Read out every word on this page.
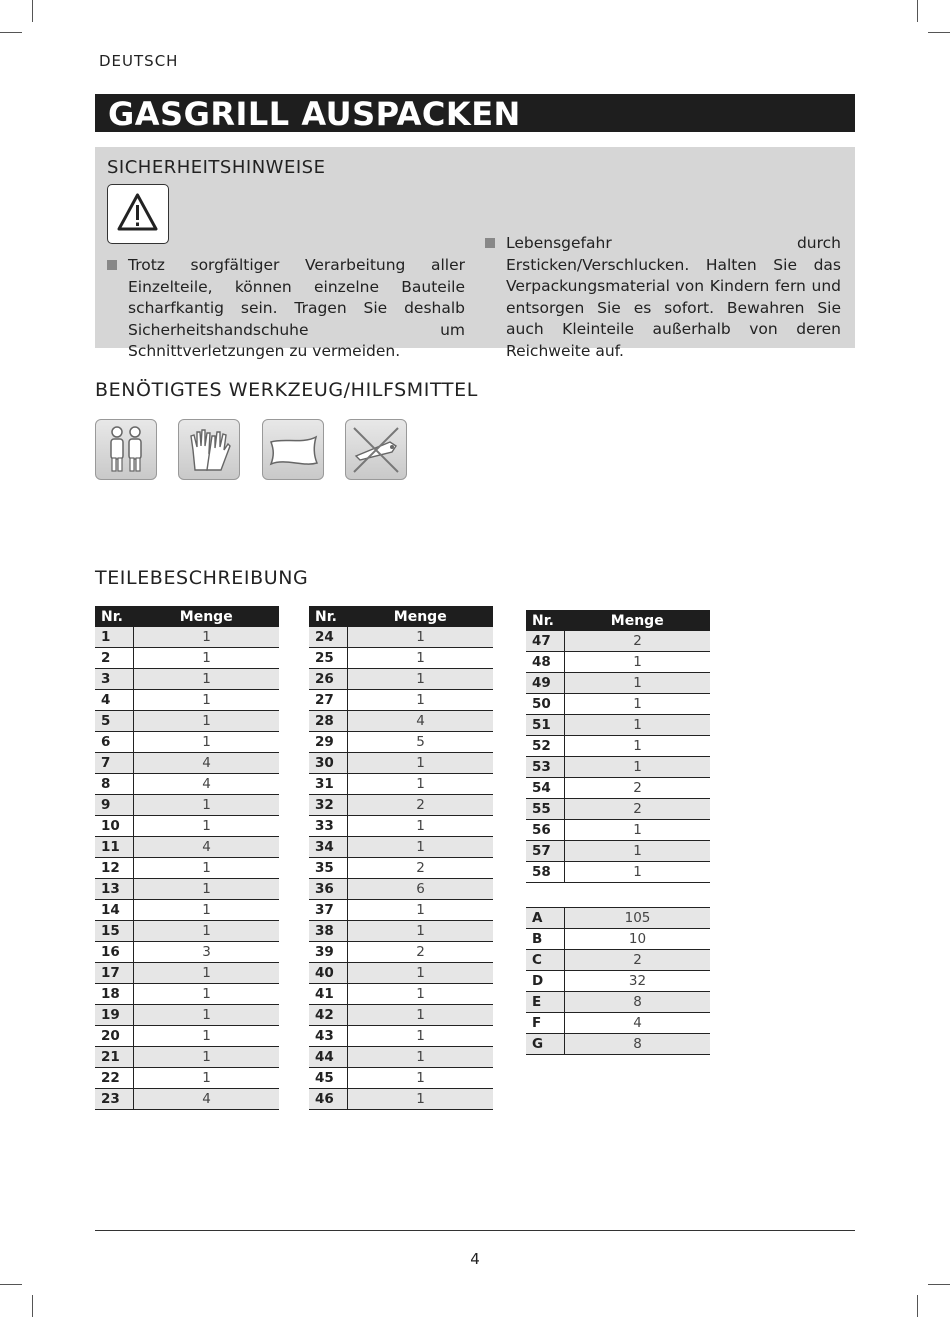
DEUTSCH
GASGRILL AUSPACKEN
SICHERHEITSHINWEISE
Trotz sorgfältiger Verarbeitung aller Einzelteile, können einzelne Bauteile scharfkantig sein. Tragen Sie deshalb Sicherheitshandschuhe um Schnittverletzungen zu vermeiden.
Lebensgefahr durch Ersticken/Verschlucken. Halten Sie das Verpackungsmaterial von Kindern fern und entsorgen Sie es sofort. Bewahren Sie auch Kleinteile außerhalb von deren Reichweite auf.
BENÖTIGTES WERKZEUG/HILFSMITTEL
TEILEBESCHREIBUNG
Nr.	Menge
1	1
2	1
3	1
4	1
5	1
6	1
7	4
8	4
9	1
10	1
11	4
12	1
13	1
14	1
15	1
16	3
17	1
18	1
19	1
20	1
21	1
22	1
23	4
Nr.	Menge
24	1
25	1
26	1
27	1
28	4
29	5
30	1
31	1
32	2
33	1
34	1
35	2
36	6
37	1
38	1
39	2
40	1
41	1
42	1
43	1
44	1
45	1
46	1
Nr.	Menge
47	2
48	1
49	1
50	1
51	1
52	1
53	1
54	2
55	2
56	1
57	1
58	1
A	105
B	10
C	2
D	32
E	8
F	4
G	8
4
